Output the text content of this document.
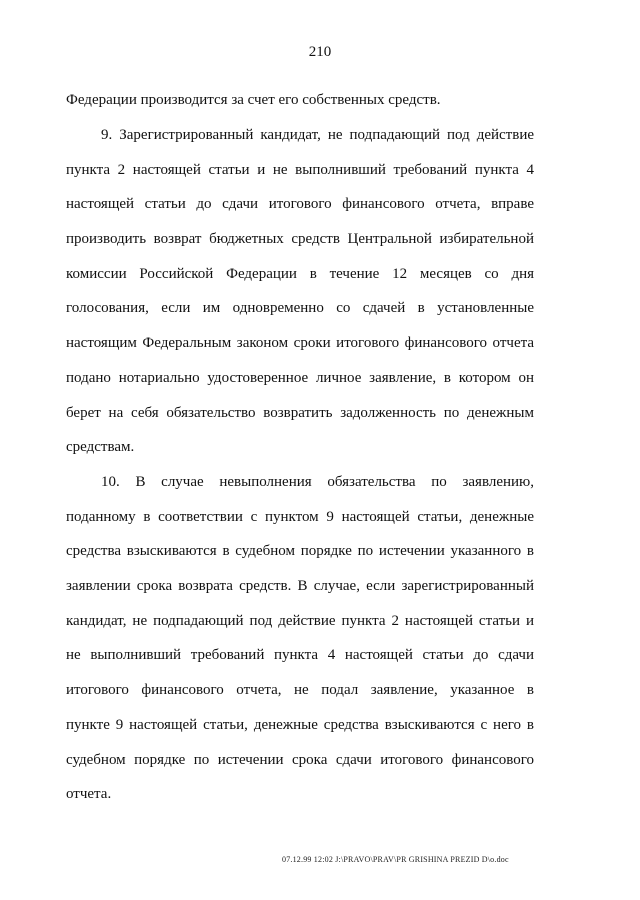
210
Федерации производится за счет его собственных средств.
9. Зарегистрированный кандидат, не подпадающий под действие
пункта 2 настоящей статьи и не выполнивший требований пункта 4
настоящей статьи до сдачи итогового финансового отчета, вправе
производить возврат бюджетных средств Центральной избирательной
комиссии Российской Федерации в течение 12 месяцев со дня
голосования, если им одновременно со сдачей в установленные
настоящим Федеральным законом сроки итогового финансового отчета
подано нотариально удостоверенное личное заявление, в котором он
берет на себя обязательство возвратить задолженность по денежным
средствам.
10. В случае невыполнения обязательства по заявлению,
поданному в соответствии с пунктом 9 настоящей статьи, денежные
средства взыскиваются в судебном порядке по истечении указанного в
заявлении срока возврата средств. В случае, если зарегистрированный
кандидат, не подпадающий под действие пункта 2 настоящей статьи и
не выполнивший требований пункта 4 настоящей статьи до сдачи
итогового финансового отчета, не подал заявление, указанное в
пункте 9 настоящей статьи, денежные средства взыскиваются с него в
судебном порядке по истечении срока сдачи итогового финансового
отчета.
07.12.99 12:02 J:\PRAVO\PRAV\PR GRISHINA PREZID D\o.doc
